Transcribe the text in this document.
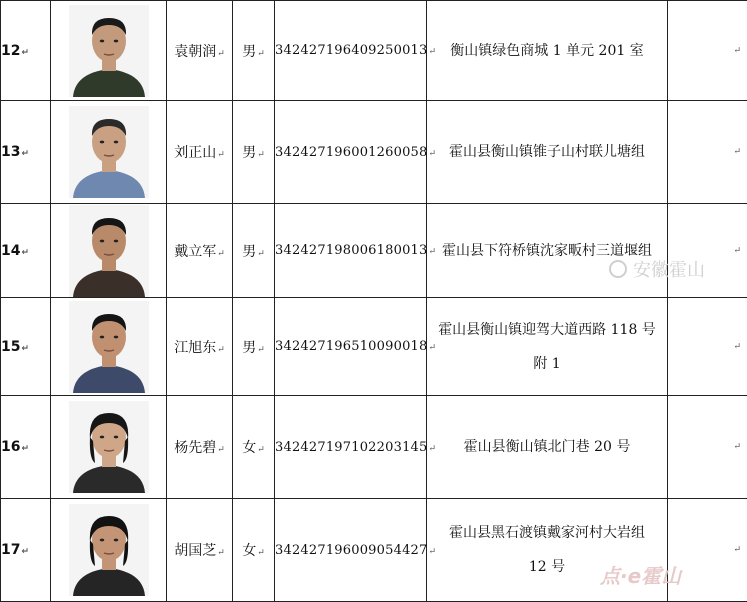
12↵		袁朝润↵	男↵	342427196409250013↵	衡山镇绿色商城 1 单元 201 室	↵

13↵		刘正山↵	男↵	342427196001260058↵	霍山县衡山镇锥子山村联儿塘组	↵

14↵		戴立军↵	男↵	342427198006180013↵	霍山县下符桥镇沈家畈村三道堰组	↵

15↵		江旭东↵	男↵	342427196510090018↵	霍山县衡山镇迎驾大道西路 118 号
附 1	↵

16↵		杨先碧↵	女↵	342427197102203145↵	霍山县衡山镇北门巷 20 号	↵

17↵		胡国芝↵	女↵	342427196009054427↵	霍山县黑石渡镇戴家河村大岩组
12 号	↵
安徽霍山
点·e霍山
